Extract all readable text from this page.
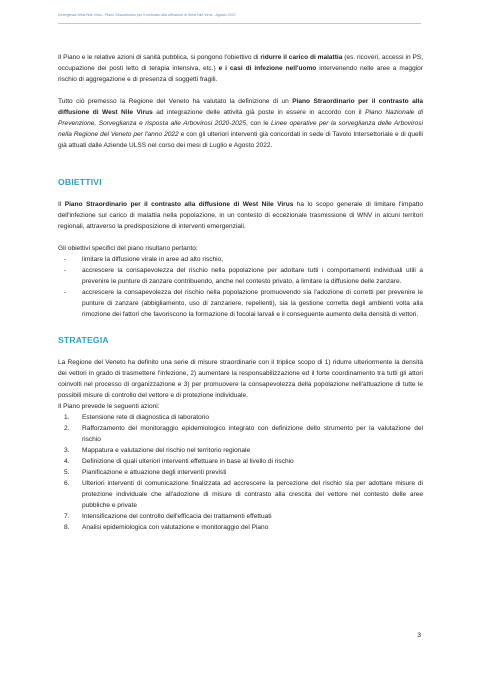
Emergenza West Nile Virus - Piano Straordinario per il contrasto alla diffusione di West Nile Virus - Agosto 2022

Il Piano e le relative azioni di sanità pubblica, si pongono l'obiettivo di ridurre il carico di malattia (es. ricoveri, accessi in PS, occupazione dei posti letto di terapia intensiva, etc.) e i casi di infezione nell'uomo intervenendo nelle aree a maggior rischio di aggregazione e di presenza di soggetti fragili.

Tutto ciò premesso la Regione del Veneto ha valutato la definizione di un Piano Straordinario per il contrasto alla diffusione di West Nile Virus ad integrazione delle attività già poste in essere in accordo con il Piano Nazionale di Prevenzione, Sorveglianza e risposta alle Arbovirosi 2020-2025, con le Linee operative per la sorveglianza delle Arbovirosi nella Regione del Veneto per l'anno 2022 e con gli ulteriori interventi già concordati in sede di Tavolo Intersettoriale e di quelli già attuati dalle Aziende ULSS nel corso dei mesi di Luglio e Agosto 2022.

OBIETTIVI

Il Piano Straordinario per il contrasto alla diffusione di West Nile Virus ha lo scopo generale di limitare l'impatto dell'infezione sul carico di malattia nella popolazione, in un contesto di eccezionale trasmissione di WNV in alcuni territori regionali, attraverso la predisposizione di interventi emergenziali.

Gli obiettivi specifici del piano risultano pertanto:

- limitare la diffusione virale in aree ad alto rischio,
- accrescere la consapevolezza del rischio nella popolazione per adottare tutti i comportamenti individuali utili a prevenire le punture di zanzare contribuendo, anche nel contesto privato, a limitare la diffusione delle zanzare.
- accrescere la consapevolezza del rischio nella popolazione promuovendo sia l'adozione di corretti per prevenire le punture di zanzare (abbigliamento, uso di zanzariere, repellenti), sia la gestione corretta degli ambienti volta alla rimozione dei fattori che favoriscono la formazione di focolai larvali e il conseguente aumento della densità di vettori.
STRATEGIA

La Regione del Veneto ha definito una serie di misure straordinarie con il triplice scopo di 1) ridurre ulteriormente la densità dei vettori in grado di trasmettere l'infezione, 2) aumentare la responsabilizzazione ed il forte coordinamento tra tutti gli attori coinvolti nel processo di organizzazione e 3) per promuovere la consapevolezza della popolazione nell'attuazione di tutte le possibili misure di controllo del vettore e di protezione individuale.

Il Piano prevede le seguenti azioni:

1. Estensione rete di diagnostica di laboratorio
2. Rafforzamento del monitoraggio epidemiologico integrato con definizione dello strumento per la valutazione del rischio
3. Mappatura e valutazione del rischio nel territorio regionale
4. Definizione di quali ulteriori interventi effettuare in base al livello di rischio
5. Pianificazione e attuazione degli interventi previsti
6. Ulteriori interventi di comunicazione finalizzata ad accrescere la percezione del rischio sia per adottare misure di protezione individuale che all'adozione di misure di contrasto alla crescita del vettore nel contesto delle aree pubbliche e private
7. Intensificazione del controllo dell'efficacia dei trattamenti effettuati
8. Analisi epidemiologica con valutazione e monitoraggio del Piano
3
